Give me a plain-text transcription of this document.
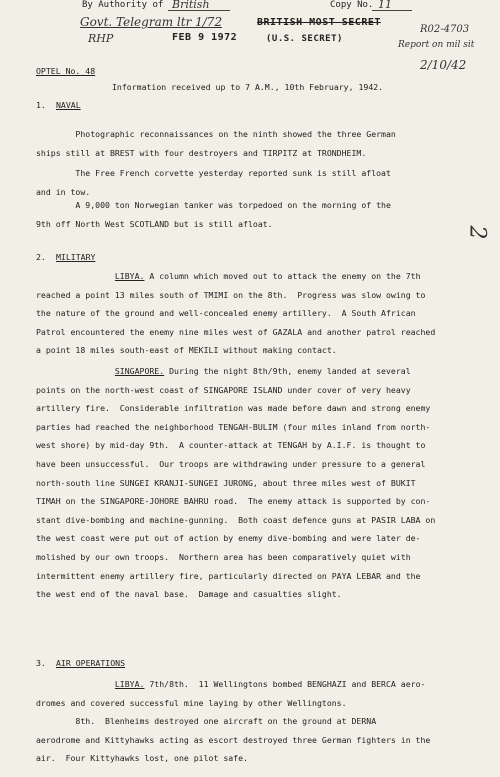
By Authority of British	Copy No. 11
Govt. Telegram ltr 1/72	BRITISH MOST SECRET
RHP	FEB 9 1972	(U.S. SECRET)
R02-4703
Report on mil sit
2/10/42
2
OPTEL No. 48
Information received up to 7 A.M., 10th February, 1942.
1. NAVAL
Photographic reconnaissances on the ninth showed the three German
ships still at BREST with four destroyers and TIRPITZ at TRONDHEIM.
The Free French corvette yesterday reported sunk is still afloat
and in tow.
A 9,000 ton Norwegian tanker was torpedoed on the morning of the
9th off North West SCOTLAND but is still afloat.
2. MILITARY
LIBYA. A column which moved out to attack the enemy on the 7th
reached a point 13 miles south of TMIMI on the 8th.  Progress was slow owing to
the nature of the ground and well-concealed enemy artillery.  A South African
Patrol encountered the enemy nine miles west of GAZALA and another patrol reached
a point 18 miles south-east of MEKILI without making contact.
SINGAPORE. During the night 8th/9th, enemy landed at several
points on the north-west coast of SINGAPORE ISLAND under cover of very heavy
artillery fire.  Considerable infiltration was made before dawn and strong enemy
parties had reached the neighborhood TENGAH-BULIM (four miles inland from north-
west shore) by mid-day 9th.  A counter-attack at TENGAH by A.I.F. is thought to
have been unsuccessful.  Our troops are withdrawing under pressure to a general
north-south line SUNGEI KRANJI-SUNGEI JURONG, about three miles west of BUKIT
TIMAH on the SINGAPORE-JOHORE BAHRU road.  The enemy attack is supported by con-
stant dive-bombing and machine-gunning.  Both coast defence guns at PASIR LABA on
the west coast were put out of action by enemy dive-bombing and were later de-
molished by our own troops.  Northern area has been comparatively quiet with
intermittent enemy artillery fire, particularly directed on PAYA LEBAR and the
the west end of the naval base.  Damage and casualties slight.
3. AIR OPERATIONS
LIBYA. 7th/8th.  11 Wellingtons bombed BENGHAZI and BERCA aero-
dromes and covered successful mine laying by other Wellingtons.
8th.  Blenheims destroyed one aircraft on the ground at DERNA
aerodrome and Kittyhawks acting as escort destroyed three German fighters in the
air.  Four Kittyhawks lost, one pilot safe.
